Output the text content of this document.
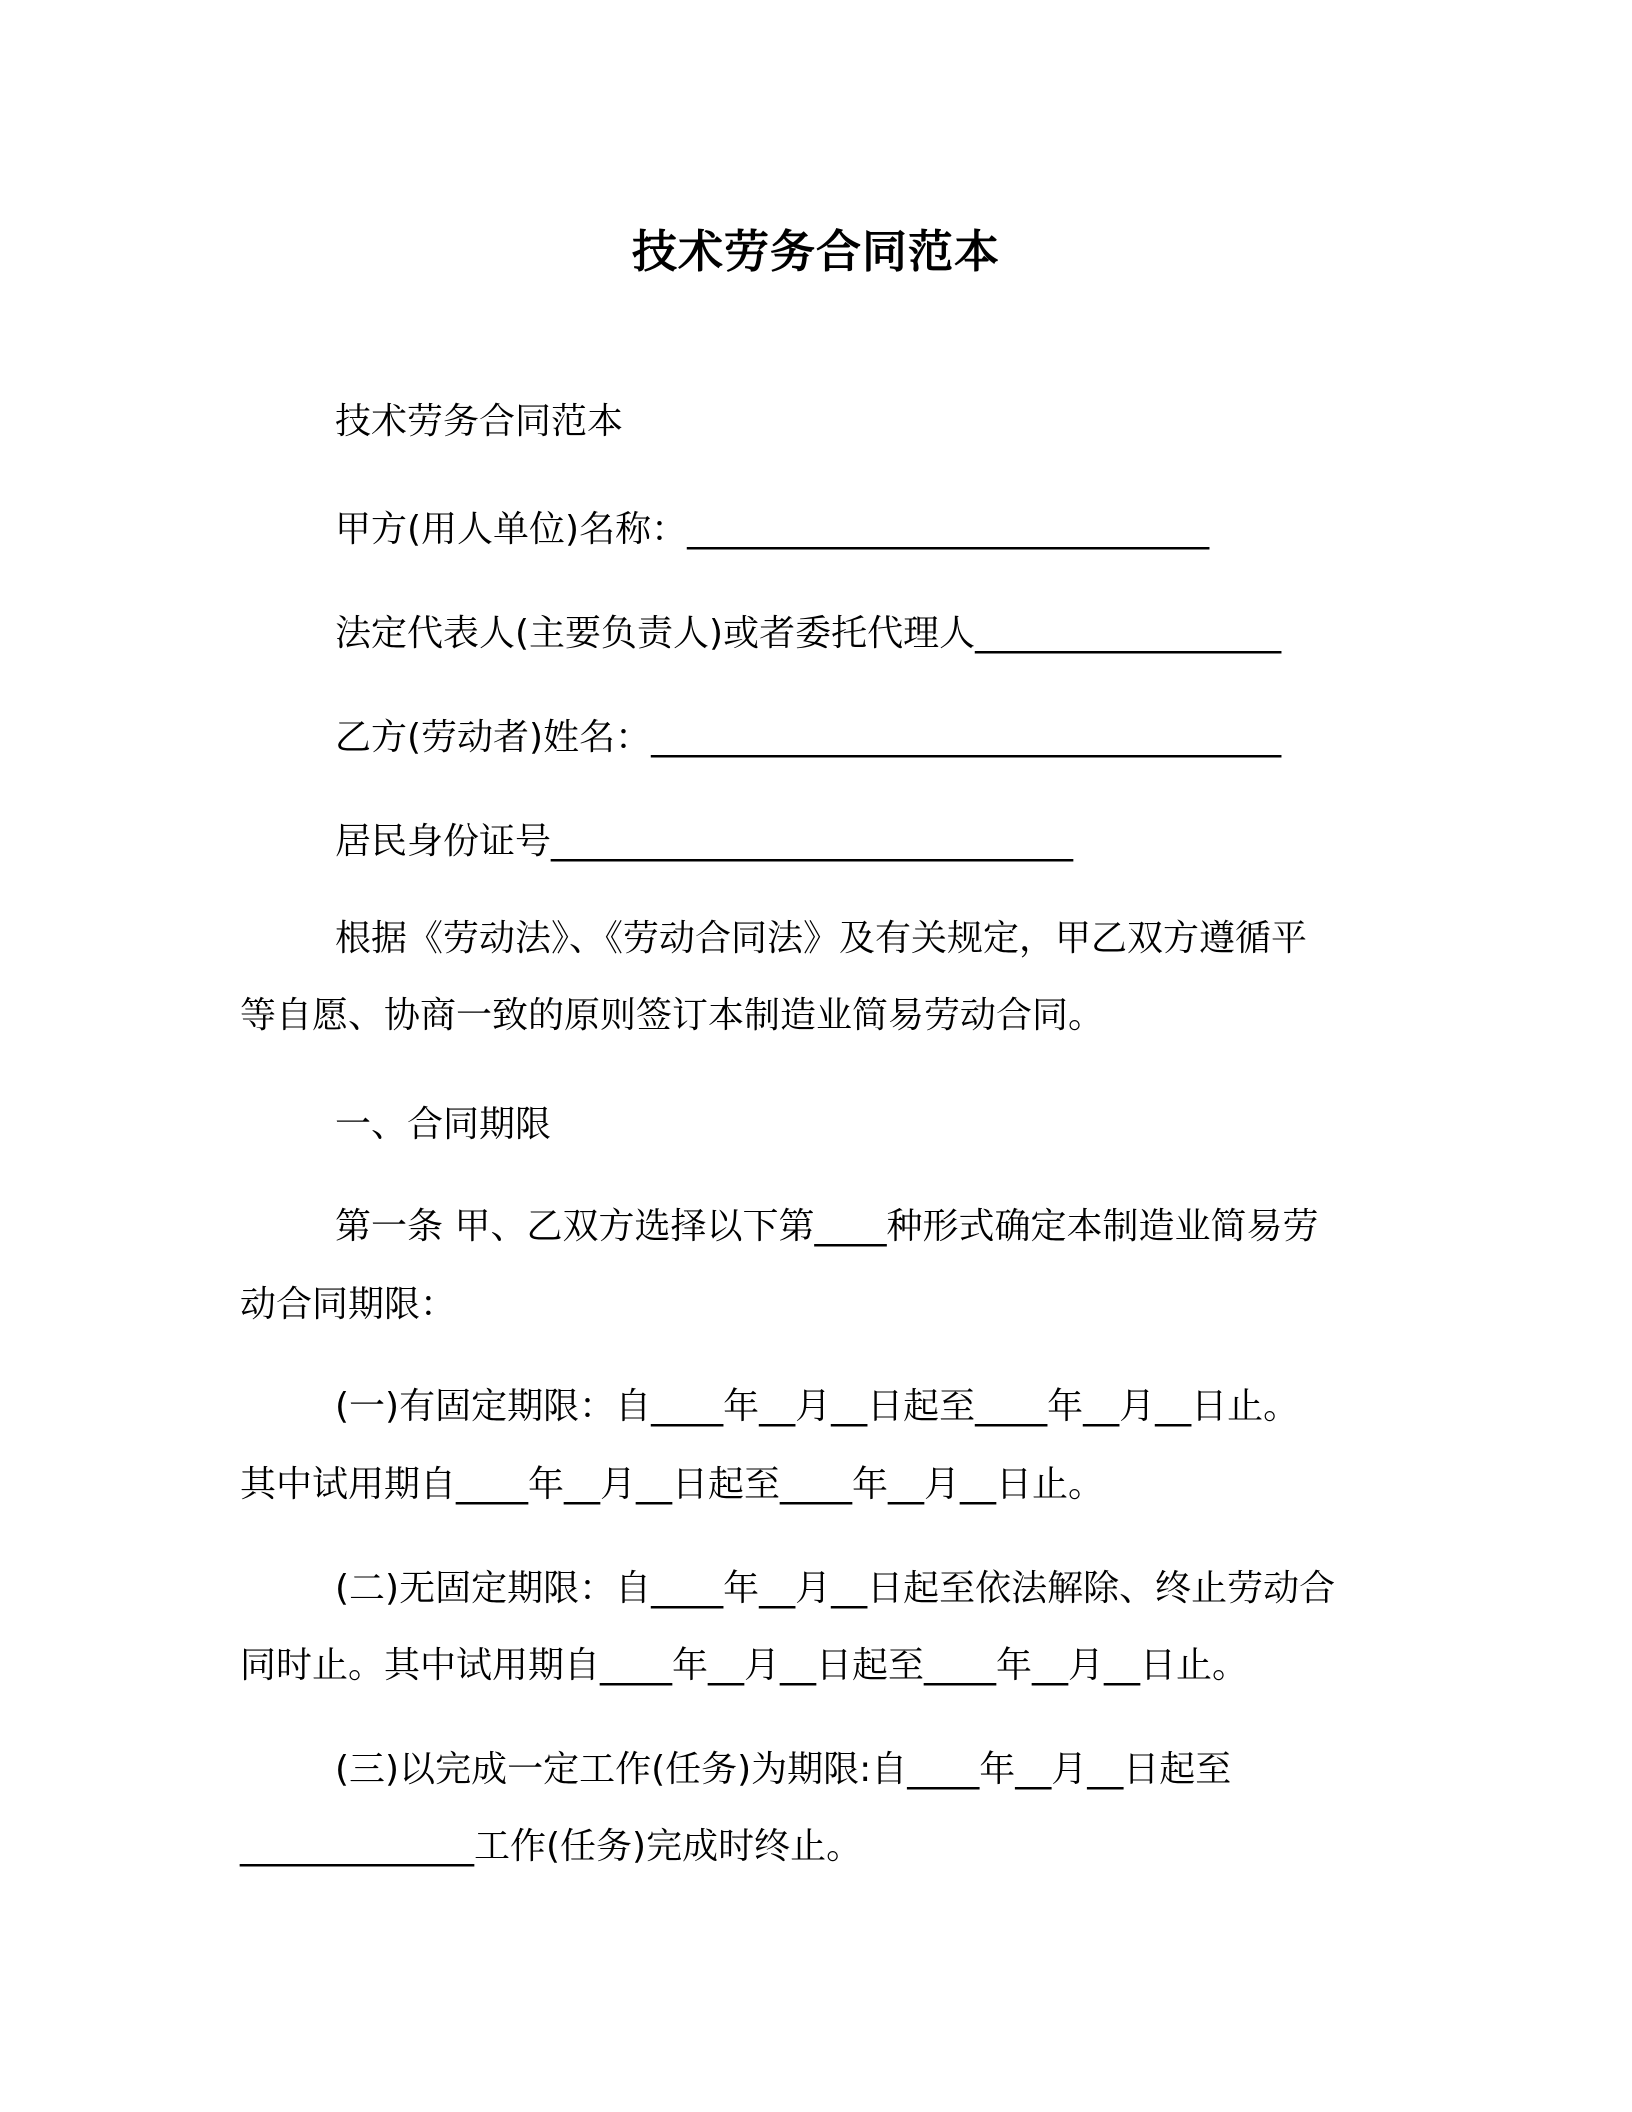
技术劳务合同范本
技术劳务合同范本
甲方(用人单位)名称：_____________________________
法定代表人(主要负责人)或者委托代理人_________________
乙方(劳动者)姓名：___________________________________
居民身份证号_____________________________
根据《劳动法》、《劳动合同法》及有关规定，甲乙双方遵循平
等自愿、协商一致的原则签订本制造业简易劳动合同。
一、合同期限
第一条 甲、乙双方选择以下第____种形式确定本制造业简易劳
动合同期限：
(一)有固定期限：自____年__月__日起至____年__月__日止。
其中试用期自____年__月__日起至____年__月__日止。
(二)无固定期限：自____年__月__日起至依法解除、终止劳动合
同时止。其中试用期自____年__月__日起至____年__月__日止。
(三)以完成一定工作(任务)为期限:自____年__月__日起至
_____________工作(任务)完成时终止。
